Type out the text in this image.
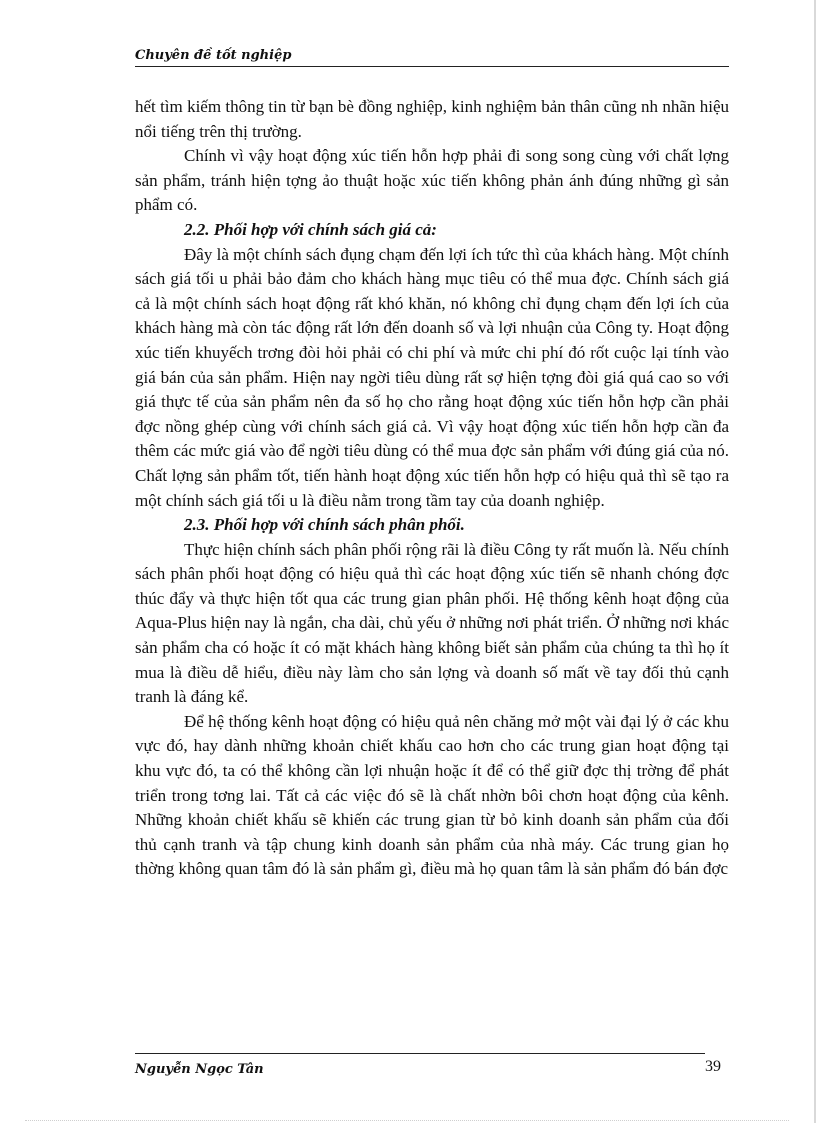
Chuyên đề tốt nghiệp

hết tìm kiếm thông tin từ bạn bè đồng nghiệp, kinh nghiệm bản thân cũng nh nhãn hiệu nổi tiếng trên thị trường.

Chính vì vậy hoạt động xúc tiến hỗn hợp phải đi song song cùng với chất lợng sản phẩm, tránh hiện tợng ảo thuật hoặc xúc tiến không phản ánh đúng những gì sản phẩm có.

2.2. Phối hợp với chính sách giá cả:

Đây là một chính sách đụng chạm đến lợi ích tức thì của khách hàng. Một chính sách giá tối u phải bảo đảm cho khách hàng mục tiêu có thể mua đợc. Chính sách giá cả là một chính sách hoạt động rất khó khăn, nó không chỉ đụng chạm đến lợi ích của khách hàng mà còn tác động rất lớn đến doanh số và lợi nhuận của Công ty. Hoạt động xúc tiến khuyếch trơng đòi hỏi phải có chi phí và mức chi phí đó rốt cuộc lại tính vào giá bán của sản phẩm. Hiện nay ngời tiêu dùng rất sợ hiện tợng đòi giá quá cao so với giá thực tế của sản phẩm nên đa số họ cho rằng hoạt động xúc tiến hỗn hợp cần phải đợc nồng ghép cùng với chính sách giá cả. Vì vậy hoạt động xúc tiến hỗn hợp cần đa thêm các mức giá vào để ngời tiêu dùng có thể mua đợc sản phẩm với đúng giá của nó. Chất lợng sản phẩm tốt, tiến hành hoạt động xúc tiến hỗn hợp có hiệu quả thì sẽ tạo ra một chính sách giá tối u là điều nằm trong tầm tay của doanh nghiệp.

2.3. Phối hợp với chính sách phân phối.

Thực hiện chính sách phân phối rộng rãi là điều Công ty rất muốn là. Nếu chính sách phân phối hoạt động có hiệu quả thì các hoạt động xúc tiến sẽ nhanh chóng đợc thúc đẩy và thực hiện tốt qua các trung gian phân phối. Hệ thống kênh hoạt động của Aqua-Plus hiện nay là ngắn, cha dài, chủ yếu ở những nơi phát triển. Ở những nơi khác sản phẩm cha có hoặc ít có mặt khách hàng không biết sản phẩm của chúng ta thì họ ít mua là điều dễ hiểu, điều này làm cho sản lợng và doanh số mất về tay đối thủ cạnh tranh là đáng kể.

Để hệ thống kênh hoạt động có hiệu quả nên chăng mở một vài đại lý ở các khu vực đó, hay dành những khoản chiết khấu cao hơn cho các trung gian hoạt động tại khu vực đó, ta có thể không cần lợi nhuận hoặc ít để có thể giữ đợc thị trờng để phát triển trong tơng lai. Tất cả các việc đó sẽ là chất nhờn bôi chơn hoạt động của kênh. Những khoản chiết khấu sẽ khiến các trung gian từ bỏ kinh doanh sản phẩm của đối thủ cạnh tranh và tập chung kinh doanh sản phẩm của nhà máy. Các trung gian họ thờng không quan tâm đó là sản phẩm gì, điều mà họ quan tâm là sản phẩm đó bán đợc

Nguyễn Ngọc Tân	39
